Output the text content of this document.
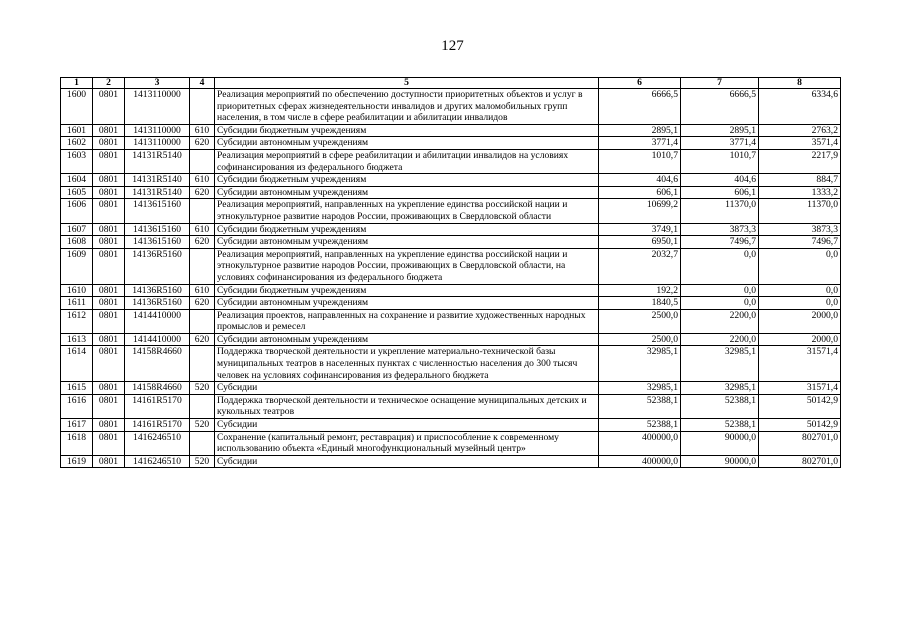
127
1	2	3	4	5	6	7	8
1600	0801	1413110000		Реализация мероприятий по обеспечению доступности приоритетных объектов и услуг в приоритетных сферах жизнедеятельности инвалидов и других маломобильных групп населения, в том числе в сфере реабилитации и абилитации инвалидов	6666,5	6666,5	6334,6
1601	0801	1413110000	610	Субсидии бюджетным учреждениям	2895,1	2895,1	2763,2
1602	0801	1413110000	620	Субсидии автономным учреждениям	3771,4	3771,4	3571,4
1603	0801	14131R5140		Реализация мероприятий в сфере реабилитации и абилитации инвалидов на условиях софинансирования из федерального бюджета	1010,7	1010,7	2217,9
1604	0801	14131R5140	610	Субсидии бюджетным учреждениям	404,6	404,6	884,7
1605	0801	14131R5140	620	Субсидии автономным учреждениям	606,1	606,1	1333,2
1606	0801	1413615160		Реализация мероприятий, направленных на укрепление единства российской нации и этнокультурное развитие народов России, проживающих в Свердловской области	10699,2	11370,0	11370,0
1607	0801	1413615160	610	Субсидии бюджетным учреждениям	3749,1	3873,3	3873,3
1608	0801	1413615160	620	Субсидии автономным учреждениям	6950,1	7496,7	7496,7
1609	0801	14136R5160		Реализация мероприятий, направленных на укрепление единства российской нации и этнокультурное развитие народов России, проживающих в Свердловской области, на условиях софинансирования из федерального бюджета	2032,7	0,0	0,0
1610	0801	14136R5160	610	Субсидии бюджетным учреждениям	192,2	0,0	0,0
1611	0801	14136R5160	620	Субсидии автономным учреждениям	1840,5	0,0	0,0
1612	0801	1414410000		Реализация проектов, направленных на сохранение и развитие художественных народных промыслов и ремесел	2500,0	2200,0	2000,0
1613	0801	1414410000	620	Субсидии автономным учреждениям	2500,0	2200,0	2000,0
1614	0801	14158R4660		Поддержка творческой деятельности и укрепление материально-технической базы муниципальных театров в населенных пунктах с численностью населения до 300 тысяч человек на условиях софинансирования из федерального бюджета	32985,1	32985,1	31571,4
1615	0801	14158R4660	520	Субсидии	32985,1	32985,1	31571,4
1616	0801	14161R5170		Поддержка творческой деятельности и техническое оснащение муниципальных детских и кукольных театров	52388,1	52388,1	50142,9
1617	0801	14161R5170	520	Субсидии	52388,1	52388,1	50142,9
1618	0801	1416246510		Сохранение (капитальный ремонт, реставрация) и приспособление к современному использованию объекта «Единый многофункциональный музейный центр»	400000,0	90000,0	802701,0
1619	0801	1416246510	520	Субсидии	400000,0	90000,0	802701,0
